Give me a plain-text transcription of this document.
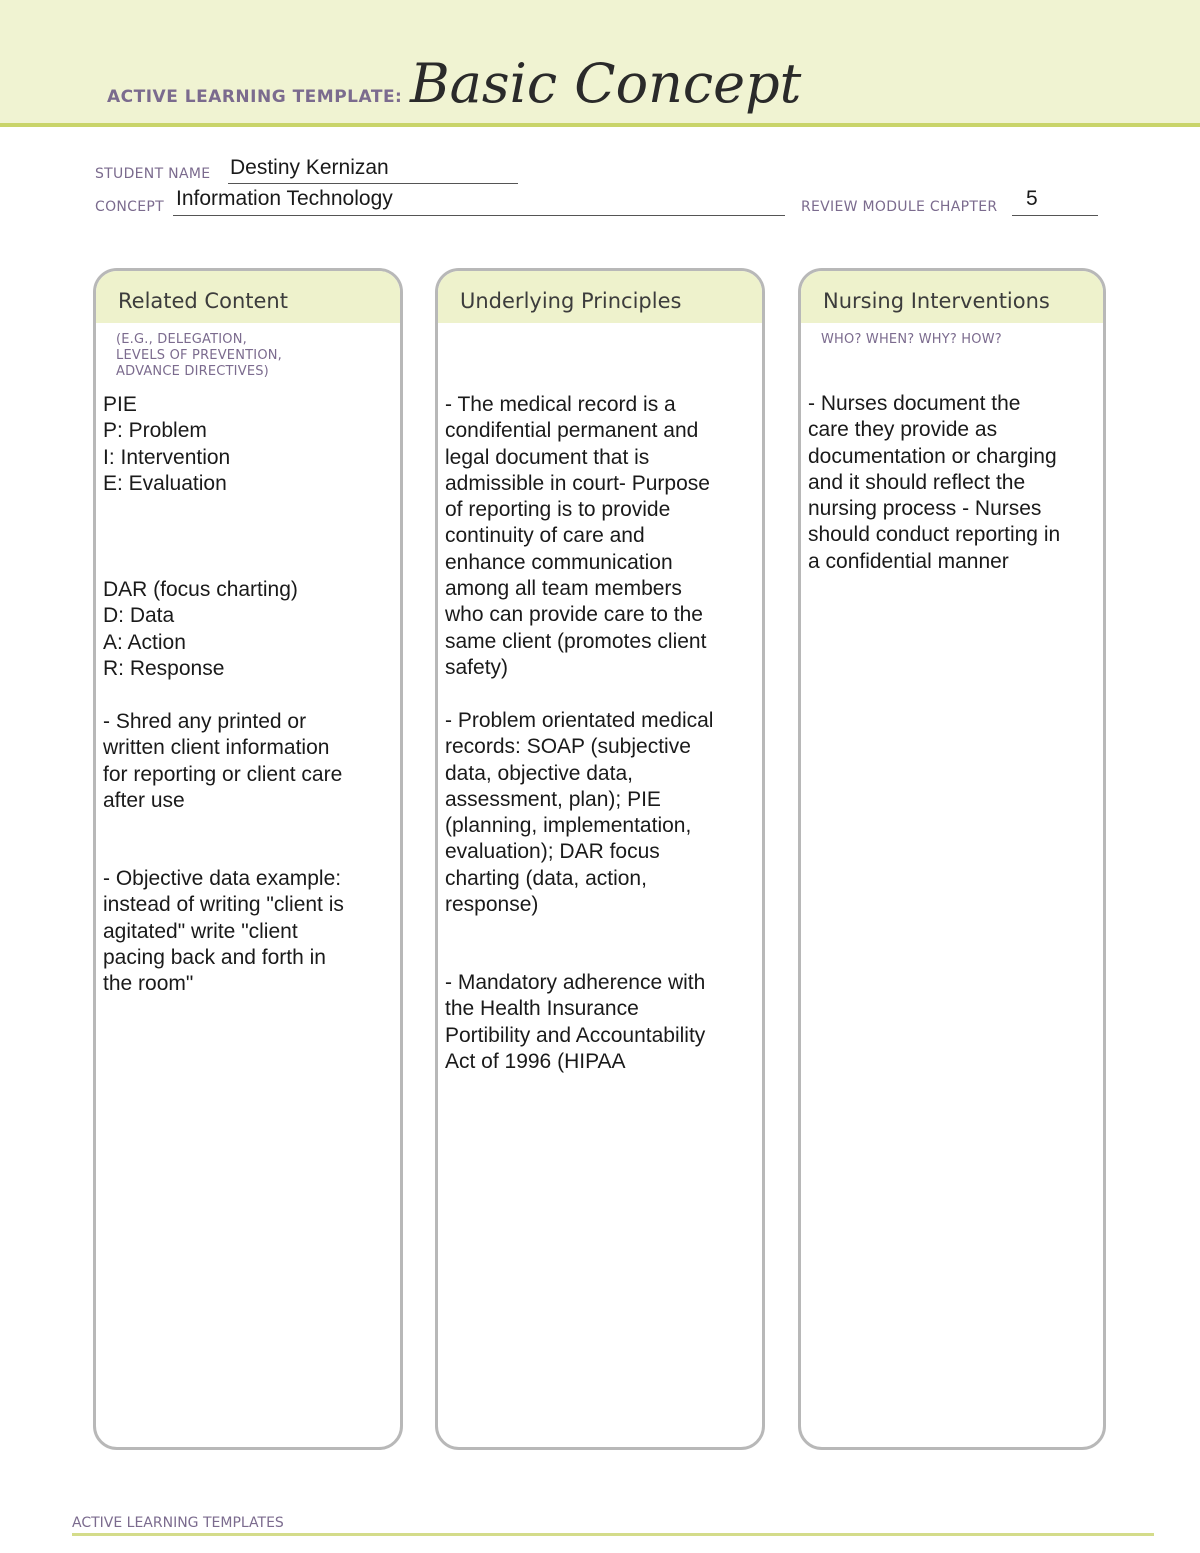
ACTIVE LEARNING TEMPLATE: Basic Concept
STUDENT NAME Destiny Kernizan
CONCEPT Information Technology	REVIEW MODULE CHAPTER 5
Related Content
(E.G., DELEGATION,
LEVELS OF PREVENTION,
ADVANCE DIRECTIVES)
PIE
P: Problem
I: Intervention
E: Evaluation
DAR (focus charting)
D: Data
A: Action
R: Response
- Shred any printed or
written client information
for reporting or client care
after use
- Objective data example:
instead of writing "client is
agitated" write "client
pacing back and forth in
the room"
Underlying Principles
- The medical record is a
condifential permanent and
legal document that is
admissible in court- Purpose
of reporting is to provide
continuity of care and
enhance communication
among all team members
who can provide care to the
same client (promotes client
safety)
- Problem orientated medical
records: SOAP (subjective
data, objective data,
assessment, plan); PIE
(planning, implementation,
evaluation); DAR focus
charting (data, action,
response)
- Mandatory adherence with
the Health Insurance
Portibility and Accountability
Act of 1996 (HIPAA
Nursing Interventions
WHO? WHEN? WHY? HOW?
- Nurses document the
care they provide as
documentation or charging
and it should reflect the
nursing process - Nurses
should conduct reporting in
a confidential manner
ACTIVE LEARNING TEMPLATES
